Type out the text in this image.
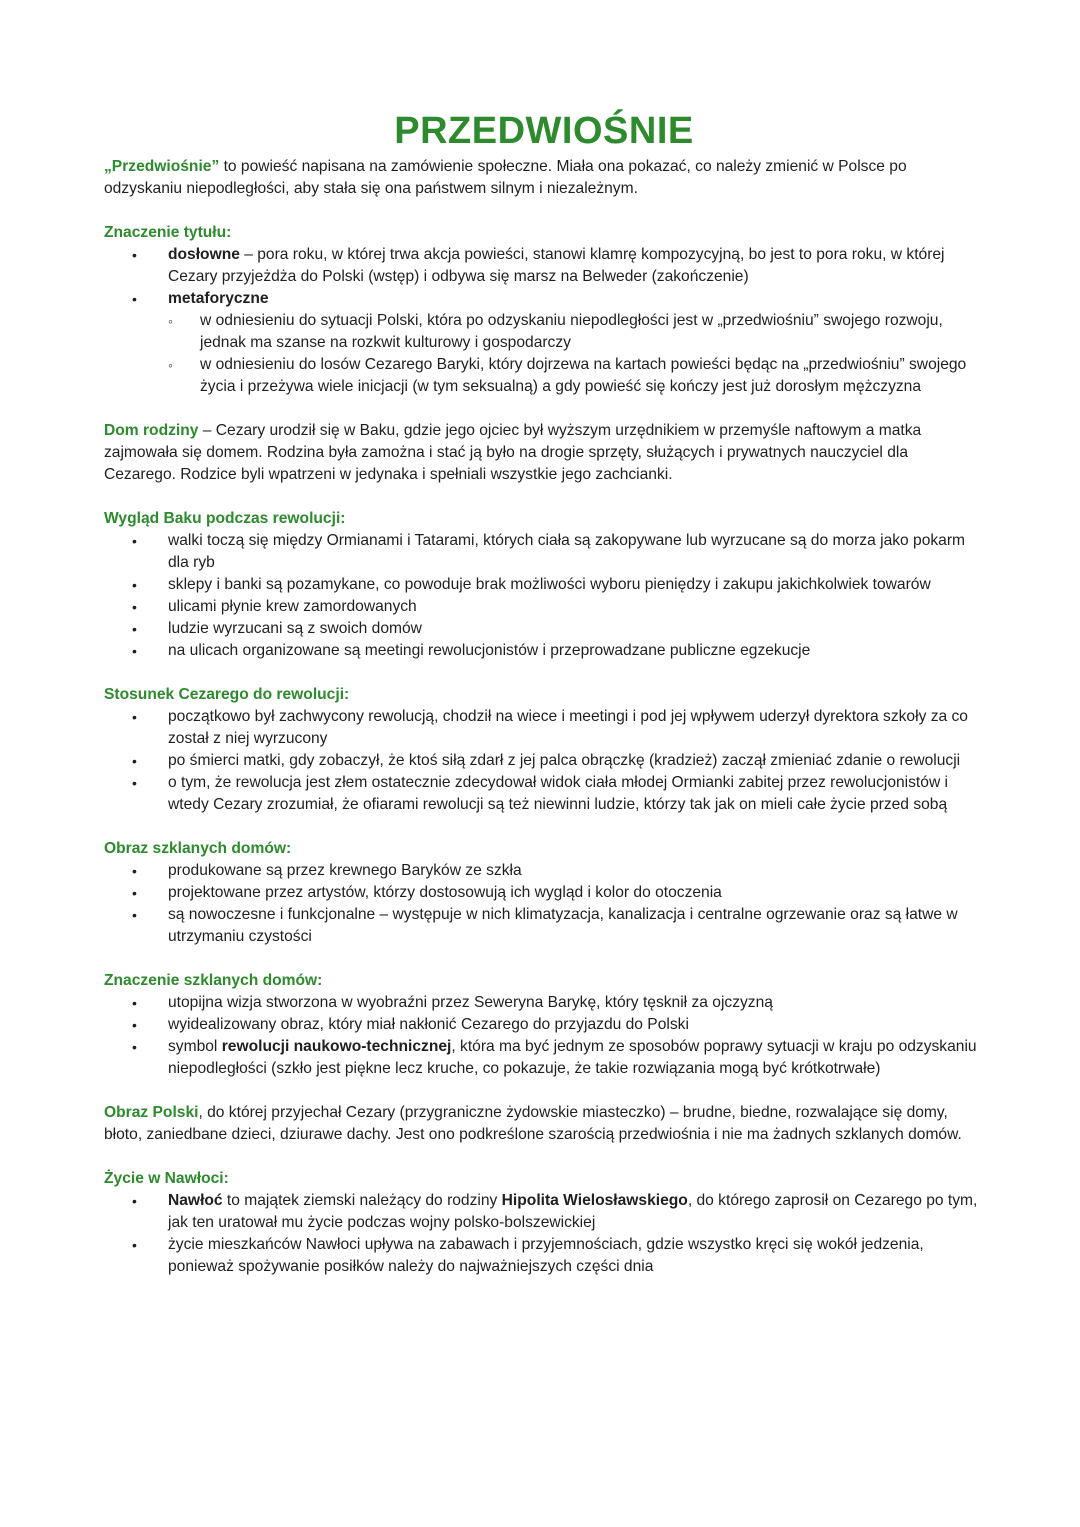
PRZEDWIOŚNIE

„Przedwiośnie” to powieść napisana na zamówienie społeczne. Miała ona pokazać, co należy zmienić w Polsce po odzyskaniu niepodległości, aby stała się ona państwem silnym i niezależnym.

Znaczenie tytułu:
• dosłowne – pora roku, w której trwa akcja powieści, stanowi klamrę kompozycyjną, bo jest to pora roku, w której Cezary przyjeżdża do Polski (wstęp) i odbywa się marsz na Belweder (zakończenie)
• metaforyczne
◦ w odniesieniu do sytuacji Polski, która po odzyskaniu niepodległości jest w „przedwiośniu” swojego rozwoju, jednak ma szanse na rozkwit kulturowy i gospodarczy
◦ w odniesieniu do losów Cezarego Baryki, który dojrzewa na kartach powieści będąc na „przedwiośniu” swojego życia i przeżywa wiele inicjacji (w tym seksualną) a gdy powieść się kończy jest już dorosłym mężczyzna

Dom rodziny – Cezary urodził się w Baku, gdzie jego ojciec był wyższym urzędnikiem w przemyśle naftowym a matka zajmowała się domem. Rodzina była zamożna i stać ją było na drogie sprzęty, służących i prywatnych nauczyciel dla Cezarego. Rodzice byli wpatrzeni w jedynaka i spełniali wszystkie jego zachcianki.

Wygląd Baku podczas rewolucji:
• walki toczą się między Ormianami i Tatarami, których ciała są zakopywane lub wyrzucane są do morza jako pokarm dla ryb
• sklepy i banki są pozamykane, co powoduje brak możliwości wyboru pieniędzy i zakupu jakichkolwiek towarów
• ulicami płynie krew zamordowanych
• ludzie wyrzucani są z swoich domów
• na ulicach organizowane są meetingi rewolucjonistów i przeprowadzane publiczne egzekucje
Stosunek Cezarego do rewolucji:
• początkowo był zachwycony rewolucją, chodził na wiece i meetingi i pod jej wpływem uderzył dyrektora szkoły za co został z niej wyrzucony
• po śmierci matki, gdy zobaczył, że ktoś siłą zdarł z jej palca obrączkę (kradzież) zaczął zmieniać zdanie o rewolucji
• o tym, że rewolucja jest złem ostatecznie zdecydował widok ciała młodej Ormianki zabitej przez rewolucjonistów i wtedy Cezary zrozumiał, że ofiarami rewolucji są też niewinni ludzie, którzy tak jak on mieli całe życie przed sobą
Obraz szklanych domów:
• produkowane są przez krewnego Baryków ze szkła
• projektowane przez artystów, którzy dostosowują ich wygląd i kolor do otoczenia
• są nowoczesne i funkcjonalne – występuje w nich klimatyzacja, kanalizacja i centralne ogrzewanie oraz są łatwe w utrzymaniu czystości
Znaczenie szklanych domów:
• utopijna wizja stworzona w wyobraźni przez Seweryna Barykę, który tęsknił za ojczyzną
• wyidealizowany obraz, który miał nakłonić Cezarego do przyjazdu do Polski
• symbol rewolucji naukowo-technicznej, która ma być jednym ze sposobów poprawy sytuacji w kraju po odzyskaniu niepodległości (szkło jest piękne lecz kruche, co pokazuje, że takie rozwiązania mogą być krótkotrwałe)

Obraz Polski, do której przyjechał Cezary (przygraniczne żydowskie miasteczko) – brudne, biedne, rozwalające się domy, błoto, zaniedbane dzieci, dziurawe dachy. Jest ono podkreślone szarością przedwiośnia i nie ma żadnych szklanych domów.

Życie w Nawłoci:
• Nawłoć to majątek ziemski należący do rodziny Hipolita Wielosławskiego, do którego zaprosił on Cezarego po tym, jak ten uratował mu życie podczas wojny polsko-bolszewickiej
• życie mieszkańców Nawłoci upływa na zabawach i przyjemnościach, gdzie wszystko kręci się wokół jedzenia, ponieważ spożywanie posiłków należy do najważniejszych części dnia
